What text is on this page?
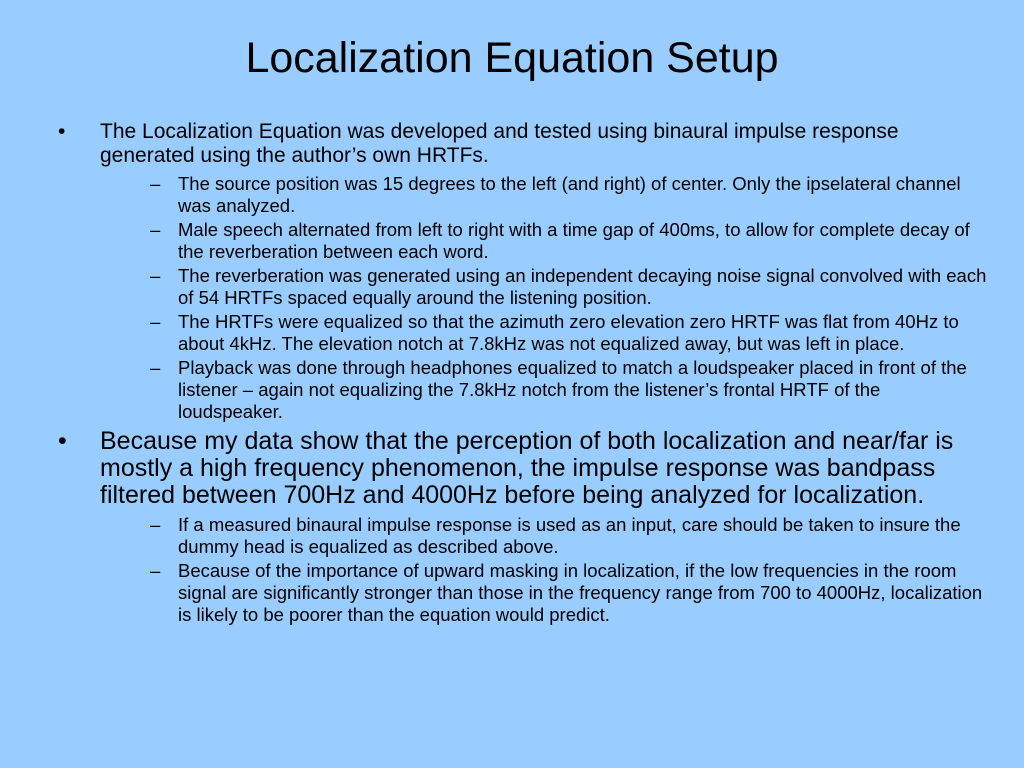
Localization Equation Setup
• The Localization Equation was developed and tested using binaural impulse response generated using the author’s own HRTFs.
– The source position was 15 degrees to the left (and right) of center. Only the ipselateral channel was analyzed.
– Male speech alternated from left to right with a time gap of 400ms, to allow for complete decay of the reverberation between each word.
– The reverberation was generated using an independent decaying noise signal convolved with each of 54 HRTFs spaced equally around the listening position.
– The HRTFs were equalized so that the azimuth zero elevation zero HRTF was flat from 40Hz to about 4kHz. The elevation notch at 7.8kHz was not equalized away, but was left in place.
– Playback was done through headphones equalized to match a loudspeaker placed in front of the listener – again not equalizing the 7.8kHz notch from the listener’s frontal HRTF of the loudspeaker.
• Because my data show that the perception of both localization and near/far is mostly a high frequency phenomenon, the impulse response was bandpass filtered between 700Hz and 4000Hz before being analyzed for localization.
– If a measured binaural impulse response is used as an input, care should be taken to insure the dummy head is equalized as described above.
– Because of the importance of upward masking in localization, if the low frequencies in the room signal are significantly stronger than those in the frequency range from 700 to 4000Hz, localization is likely to be poorer than the equation would predict.
